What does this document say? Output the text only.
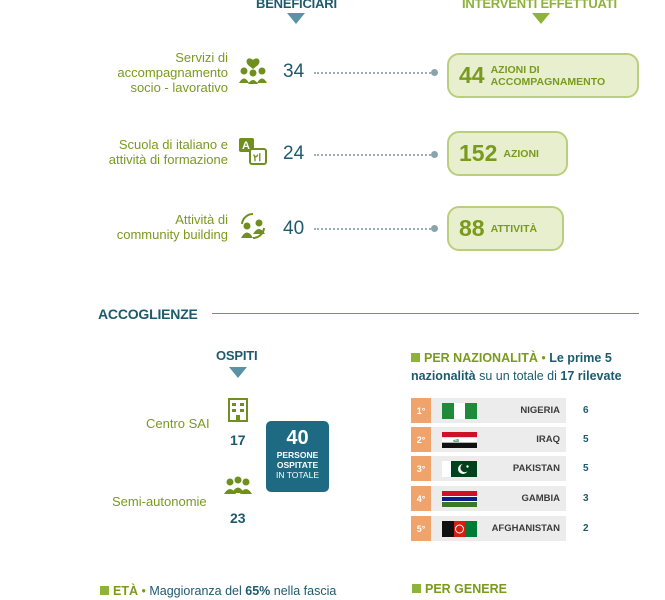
BENEFICIARI	INTERVENTI EFFETTUATI
Servizi di
accompagnamento
socio - lavorativo
34	44 AZIONI DI
ACCOMPAGNAMENTO
Scuola di italiano e
attività di formazione
A
ا٢ 24	152 AZIONI
Attività di
community building	40	88 ATTIVITÀ
ACCOGLIENZE
OSPITI
Centro SAI
17
Semi-autonomie
23
40
PERSONE
OSPITATE
IN TOTALE
PER NAZIONALITÀ • Le prime 5
nazionalità su un totale di 17 rilevate
1°	NIGERIA 6
2°	ﷲ	IRAQ 5
3°	PAKISTAN 5
4°	GAMBIA 3
5°	AFGHANISTAN 2
ETÀ • Maggioranza del 65% nella fascia	PER GENERE
